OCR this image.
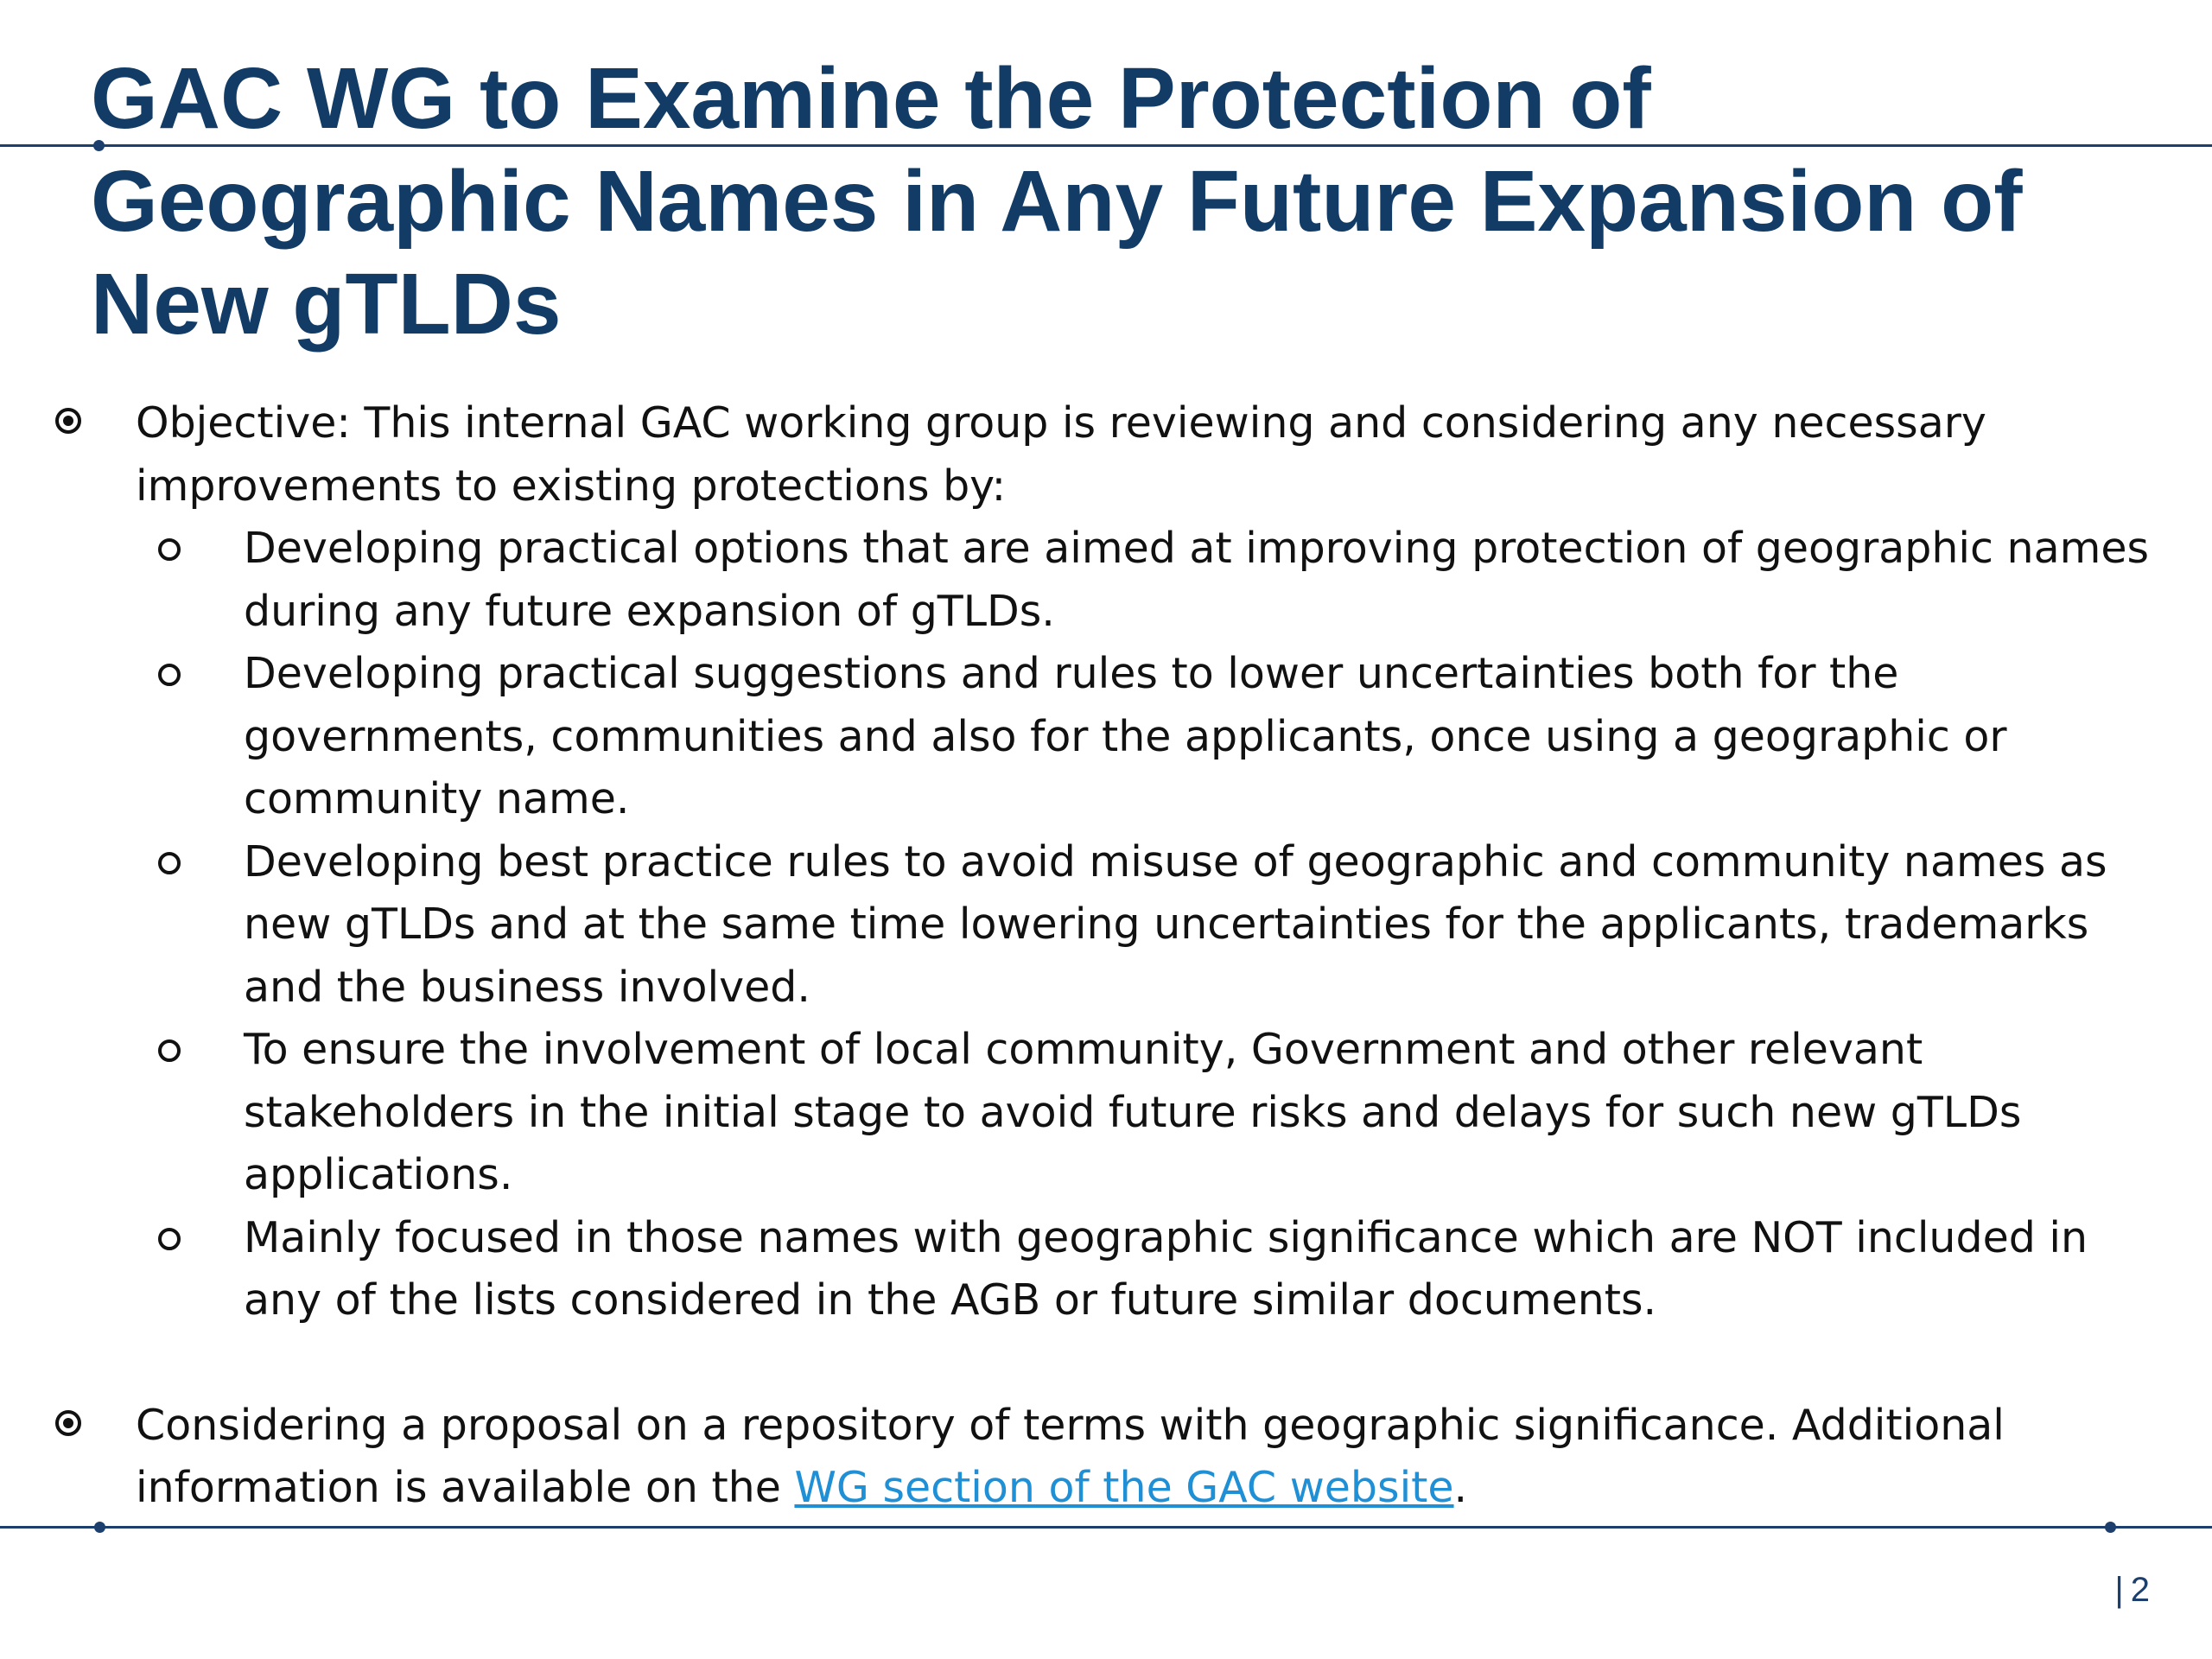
GAC WG to Examine the Protection of Geographic Names in Any Future Expansion of New gTLDs
Objective: This internal GAC working group is reviewing and considering any necessary improvements to existing protections by:
Developing practical options that are aimed at improving protection of geographic names during any future expansion of gTLDs.
Developing practical suggestions and rules to lower uncertainties both for the governments, communities and also for the applicants, once using a geographic or community name.
Developing best practice rules to avoid misuse of geographic and community names as new gTLDs and at the same time lowering uncertainties for the applicants, trademarks and the business involved.
To ensure the involvement of local community, Government and other relevant stakeholders in the initial stage to avoid future risks and delays for such new gTLDs applications.
Mainly focused in those names with geographic significance which are NOT included in any of the lists considered in the AGB or future similar documents.
Considering a proposal on a repository of terms with geographic significance. Additional information is available on the WG section of the GAC website.
| 2
